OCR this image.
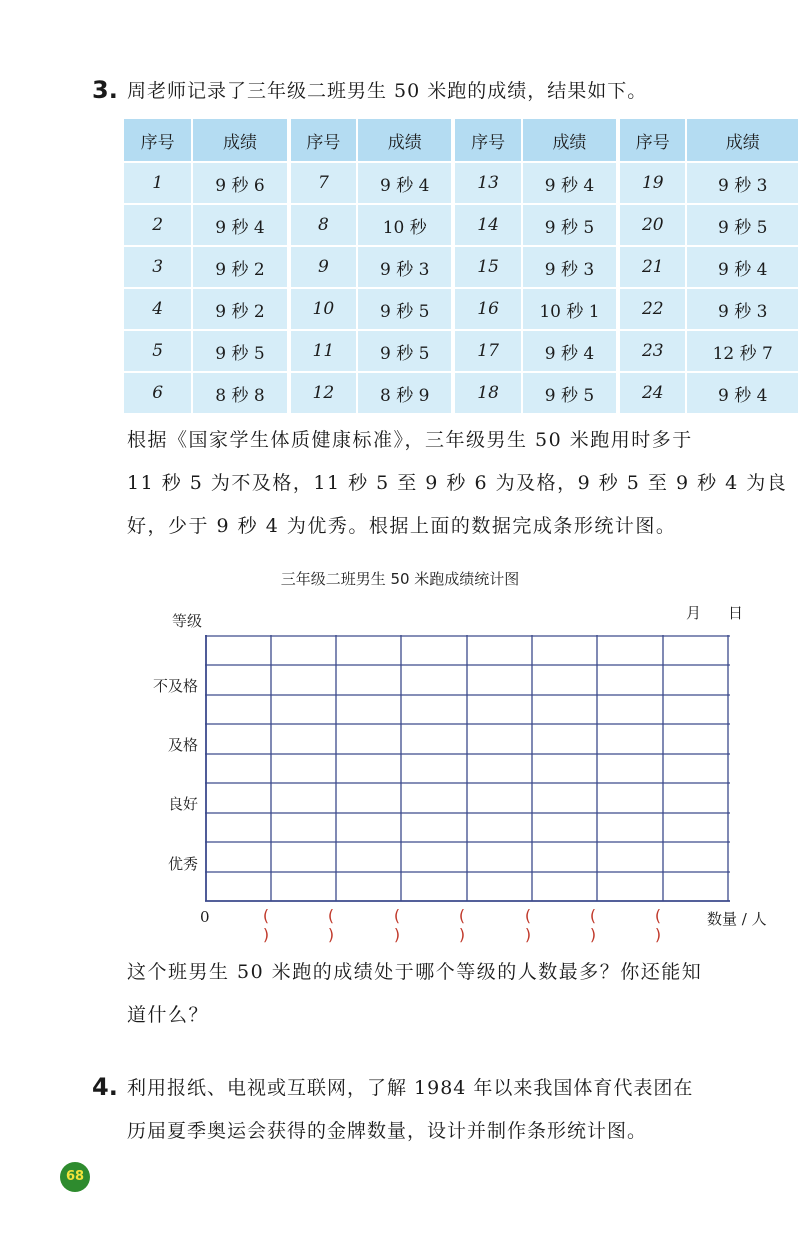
3. 周老师记录了三年级二班男生 50 米跑的成绩，结果如下。
序号	成绩	序号	成绩	序号	成绩	序号	成绩
1	9 秒 6	7	9 秒 4	13	9 秒 4	19	9 秒 3
2	9 秒 4	8	10 秒	14	9 秒 5	20	9 秒 5
3	9 秒 2	9	9 秒 3	15	9 秒 3	21	9 秒 4
4	9 秒 2	10	9 秒 5	16	10 秒 1	22	9 秒 3
5	9 秒 5	11	9 秒 5	17	9 秒 4	23	12 秒 7
6	8 秒 8	12	8 秒 9	18	9 秒 5	24	9 秒 4
根据《国家学生体质健康标准》，三年级男生 50 米跑用时多于
11 秒 5 为不及格，11 秒 5 至 9 秒 6 为及格，9 秒 5 至 9 秒 4 为良
好，少于 9 秒 4 为优秀。根据上面的数据完成条形统计图。
三年级二班男生 50 米跑成绩统计图
等级	月 日
不及格
及格
良好
优秀
0	( )
( )
( )
( )
( )
( )
( )
数量 / 人
这个班男生 50 米跑的成绩处于哪个等级的人数最多？你还能知
道什么？
4. 利用报纸、电视或互联网，了解 1984 年以来我国体育代表团在
历届夏季奥运会获得的金牌数量，设计并制作条形统计图。
68
